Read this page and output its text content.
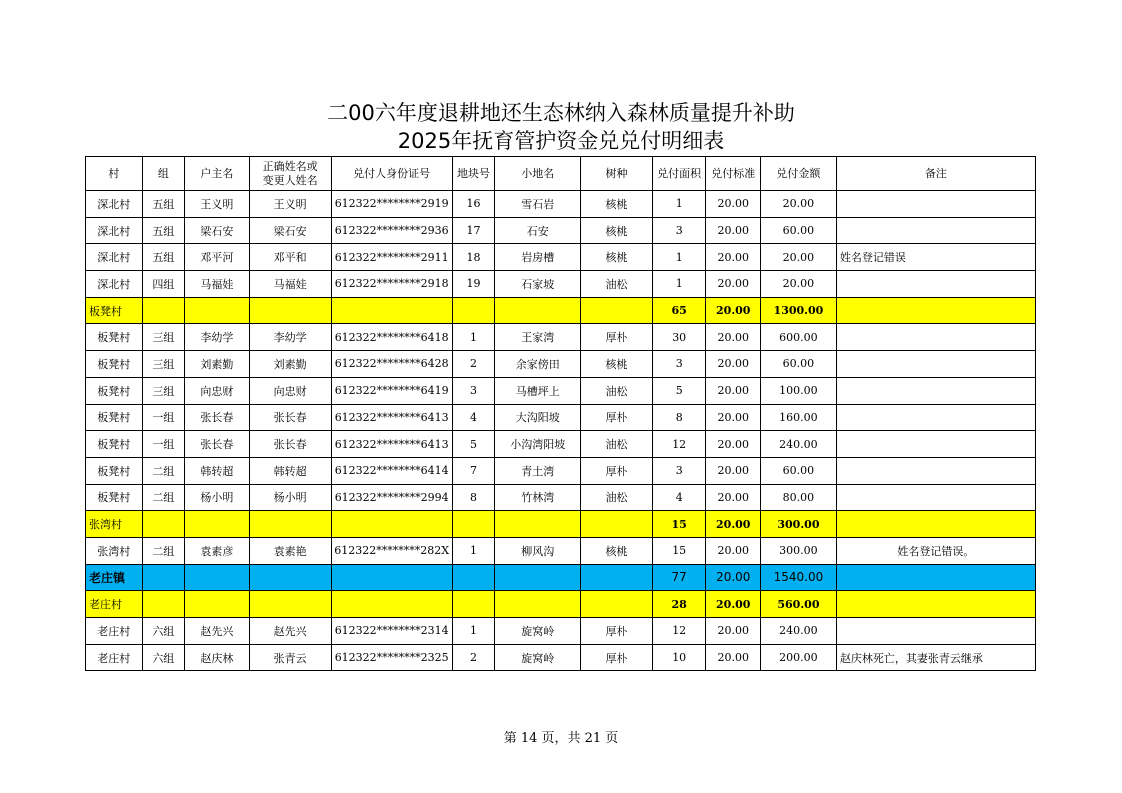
二00六年度退耕地还生态林纳入森林质量提升补助
2025年抚育管护资金兑兑付明细表
村	组	户主名	正确姓名或
变更人姓名	兑付人身份证号	地块号	小地名	树种	兑付面积	兑付标准	兑付金额	备注
深北村	五组	王义明	王义明	612322********2919	16	雪石岩	核桃	1	20.00	20.00	
深北村	五组	梁石安	梁石安	612322********2936	17	石安	核桃	3	20.00	60.00	
深北村	五组	邓平河	邓平和	612322********2911	18	岩房槽	核桃	1	20.00	20.00	姓名登记错误
深北村	四组	马福娃	马福娃	612322********2918	19	石家坡	油松	1	20.00	20.00	
板凳村								65	20.00	1300.00	
板凳村	三组	李幼学	李幼学	612322********6418	1	王家湾	厚朴	30	20.00	600.00	
板凳村	三组	刘素勤	刘素勤	612322********6428	2	余家傍田	核桃	3	20.00	60.00	
板凳村	三组	向忠财	向忠财	612322********6419	3	马槽坪上	油松	5	20.00	100.00	
板凳村	一组	张长春	张长春	612322********6413	4	大沟阳坡	厚朴	8	20.00	160.00	
板凳村	一组	张长春	张长春	612322********6413	5	小沟湾阳坡	油松	12	20.00	240.00	
板凳村	二组	韩转超	韩转超	612322********6414	7	青土湾	厚朴	3	20.00	60.00	
板凳村	二组	杨小明	杨小明	612322********2994	8	竹林湾	油松	4	20.00	80.00	
张湾村								15	20.00	300.00	
张湾村	二组	袁素彦	袁素艳	612322********282X	1	柳风沟	核桃	15	20.00	300.00	姓名登记错误。
老庄镇								77	20.00	1540.00	
老庄村								28	20.00	560.00	
老庄村	六组	赵先兴	赵先兴	612322********2314	1	旋窝岭	厚朴	12	20.00	240.00	
老庄村	六组	赵庆林	张青云	612322********2325	2	旋窝岭	厚朴	10	20.00	200.00	赵庆林死亡，其妻张青云继承
第 14 页，共 21 页
